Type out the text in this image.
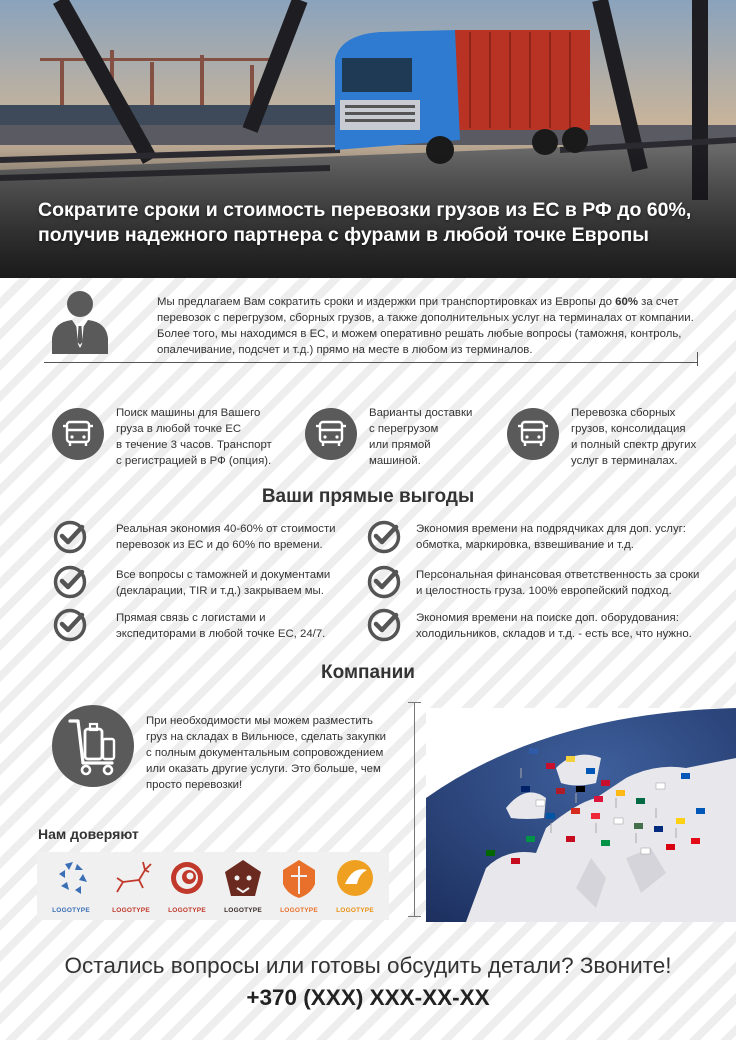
Сократите сроки и стоимость перевозки грузов из ЕС в РФ до 60%,
получив надежного партнера с фурами в любой точке Европы
Мы предлагаем Вам сократить сроки и издержки при транспортировках из Европы до 60% за счет перевозок с перегрузом, сборных грузов, а также дополнительных услуг на терминалах от компании. Более того, мы находимся в ЕС, и можем оперативно решать любые вопросы (таможня, контроль, опалечивание, подсчет и т.д.) прямо на месте в любом из терминалов.
Поиск машины для Вашего
груза в любой точке ЕС
в течение 3 часов. Транспорт
с регистрацией в РФ (опция).
Варианты доставки
с перегрузом
или прямой
машиной.
Перевозка сборных
грузов, консолидация
и полный спектр других
услуг в терминалах.
Ваши прямые выгоды
Реальная экономия 40-60% от стоимости
перевозок из ЕС и до 60% по времени.
Экономия времени на подрядчиках для доп. услуг:
обмотка, маркировка, взвешивание и т.д.
Все вопросы с таможней и документами
(декларации, TIR и т.д.) закрываем мы.
Персональная финансовая ответственность за сроки
и целостность груза. 100% европейский подход.
Прямая связь с логистами и
экспедиторами в любой точке ЕС, 24/7.
Экономия времени на поиске доп. оборудования:
холодильников, складов и т.д. - есть все, что нужно.
Компании
При необходимости мы можем разместить
груз на складах в Вильнюсе, сделать закупки
с полным документальным сопровождением
или оказать другие услуги. Это больше, чем
просто перевозки!
Нам доверяют
LOGOTYPE	LOGOTYPE	LOGOTYPE	LOGOTYPE	LOGOTYPE	LOGOTYPE
Остались вопросы или готовы обсудить детали? Звоните!
+370 (XXX) XXX-XX-XX
